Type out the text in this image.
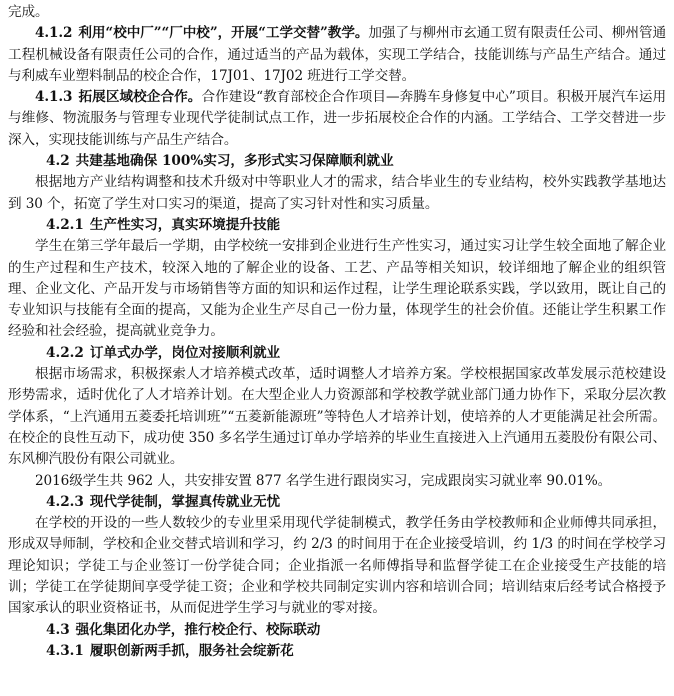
完成。

4.1.2 利用“校中厂”“厂中校”，开展“工学交替”教学。加强了与柳州市玄通工贸有限责任公司、柳州管通工程机械设备有限责任公司的合作，通过适当的产品为载体，实现工学结合，技能训练与产品生产结合。通过与利威车业塑料制品的校企合作，17J01、17J02 班进行工学交替。

4.1.3 拓展区域校企合作。合作建设“教育部校企合作项目—奔腾车身修复中心”项目。积极开展汽车运用与维修、物流服务与管理专业现代学徒制试点工作，进一步拓展校企合作的内涵。工学结合、工学交替进一步深入，实现技能训练与产品生产结合。

4.2 共建基地确保 100%实习，多形式实习保障顺利就业

根据地方产业结构调整和技术升级对中等职业人才的需求，结合毕业生的专业结构，校外实践教学基地达到 30 个，拓宽了学生对口实习的渠道，提高了实习针对性和实习质量。

4.2.1 生产性实习，真实环境提升技能

学生在第三学年最后一学期，由学校统一安排到企业进行生产性实习，通过实习让学生较全面地了解企业的生产过程和生产技术，较深入地的了解企业的设备、工艺、产品等相关知识，较详细地了解企业的组织管理、企业文化、产品开发与市场销售等方面的知识和运作过程，让学生理论联系实践，学以致用，既让自己的专业知识与技能有全面的提高，又能为企业生产尽自己一份力量，体现学生的社会价值。还能让学生积累工作经验和社会经验，提高就业竞争力。

4.2.2 订单式办学，岗位对接顺利就业

根据市场需求，积极探索人才培养模式改革，适时调整人才培养方案。学校根据国家改革发展示范校建设形势需求，适时优化了人才培养计划。在大型企业人力资源部和学校教学就业部门通力协作下，采取分层次教学体系，“上汽通用五菱委托培训班”“五菱新能源班”等特色人才培养计划，使培养的人才更能满足社会所需。在校企的良性互动下，成功使 350 多名学生通过订单办学培养的毕业生直接进入上汽通用五菱股份有限公司、东风柳汽股份有限公司就业。

2016级学生共 962 人，共安排安置 877 名学生进行跟岗实习，完成跟岗实习就业率 90.01%。

4.2.3 现代学徒制，掌握真传就业无忧

在学校的开设的一些人数较少的专业里采用现代学徒制模式，教学任务由学校教师和企业师傅共同承担，形成双导师制，学校和企业交替式培训和学习，约 2/3 的时间用于在企业接受培训，约 1/3 的时间在学校学习理论知识；学徒工与企业签订一份学徒合同；企业指派一名师傅指导和监督学徒工在企业接受生产技能的培训；学徒工在学徒期间享受学徒工资；企业和学校共同制定实训内容和培训合同；培训结束后经考试合格授予国家承认的职业资格证书，从而促进学生学习与就业的零对接。

4.3 强化集团化办学，推行校企行、校际联动

4.3.1 履职创新两手抓，服务社会绽新花
